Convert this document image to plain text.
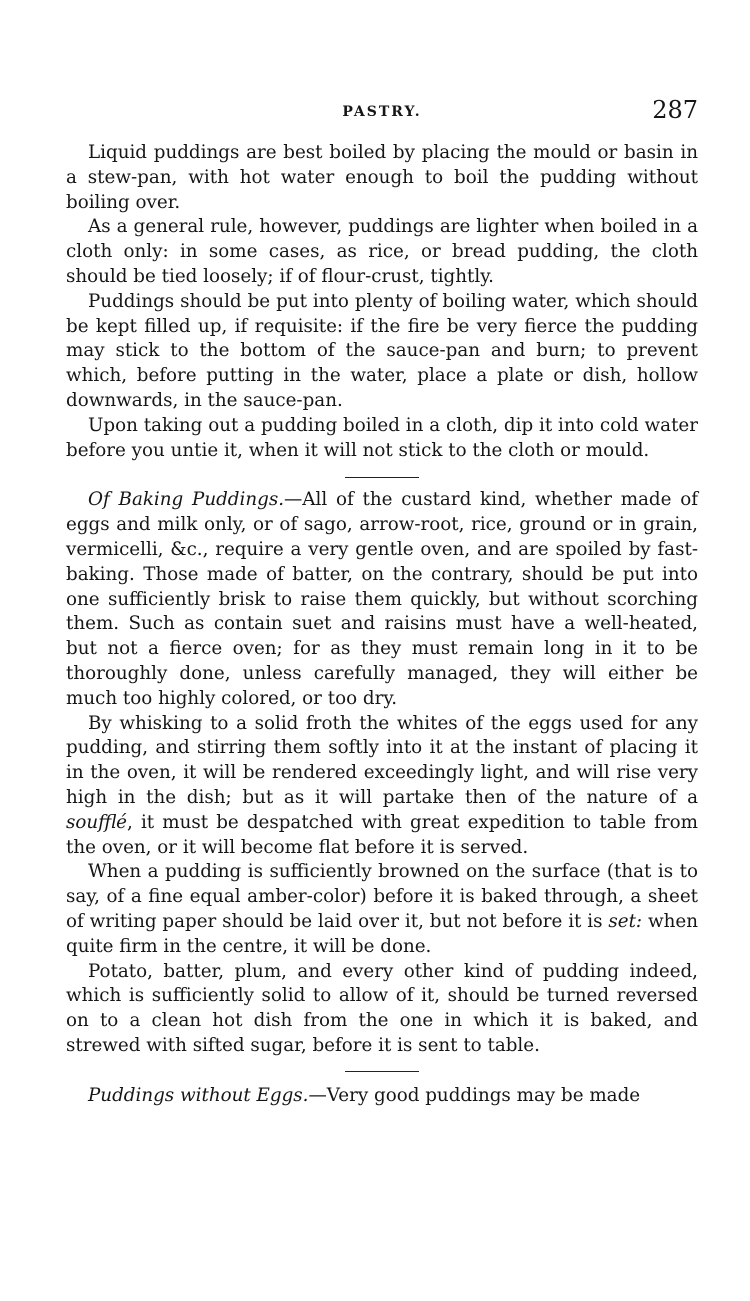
PASTRY.	287

Liquid puddings are best boiled by placing the mould or basin in a stew-pan, with hot water enough to boil the pudding without boiling over.

As a general rule, however, puddings are lighter when boiled in a cloth only: in some cases, as rice, or bread pudding, the cloth should be tied loosely; if of flour-crust, tightly.

Puddings should be put into plenty of boiling water, which should be kept filled up, if requisite: if the fire be very fierce the pudding may stick to the bottom of the sauce-pan and burn; to prevent which, before putting in the water, place a plate or dish, hollow downwards, in the sauce-pan.

Upon taking out a pudding boiled in a cloth, dip it into cold water before you untie it, when it will not stick to the cloth or mould.

Of Baking Puddings.—All of the custard kind, whether made of eggs and milk only, or of sago, arrow-root, rice, ground or in grain, vermicelli, &c., require a very gentle oven, and are spoiled by fast-baking. Those made of batter, on the contrary, should be put into one sufficiently brisk to raise them quickly, but without scorching them. Such as contain suet and raisins must have a well-heated, but not a fierce oven; for as they must remain long in it to be thoroughly done, unless carefully managed, they will either be much too highly colored, or too dry.

By whisking to a solid froth the whites of the eggs used for any pudding, and stirring them softly into it at the instant of placing it in the oven, it will be rendered exceedingly light, and will rise very high in the dish; but as it will partake then of the nature of a soufflé, it must be despatched with great expedition to table from the oven, or it will become flat before it is served.

When a pudding is sufficiently browned on the surface (that is to say, of a fine equal amber-color) before it is baked through, a sheet of writing paper should be laid over it, but not before it is set: when quite firm in the centre, it will be done.

Potato, batter, plum, and every other kind of pudding indeed, which is sufficiently solid to allow of it, should be turned reversed on to a clean hot dish from the one in which it is baked, and strewed with sifted sugar, before it is sent to table.

Puddings without Eggs.—Very good puddings may be made
